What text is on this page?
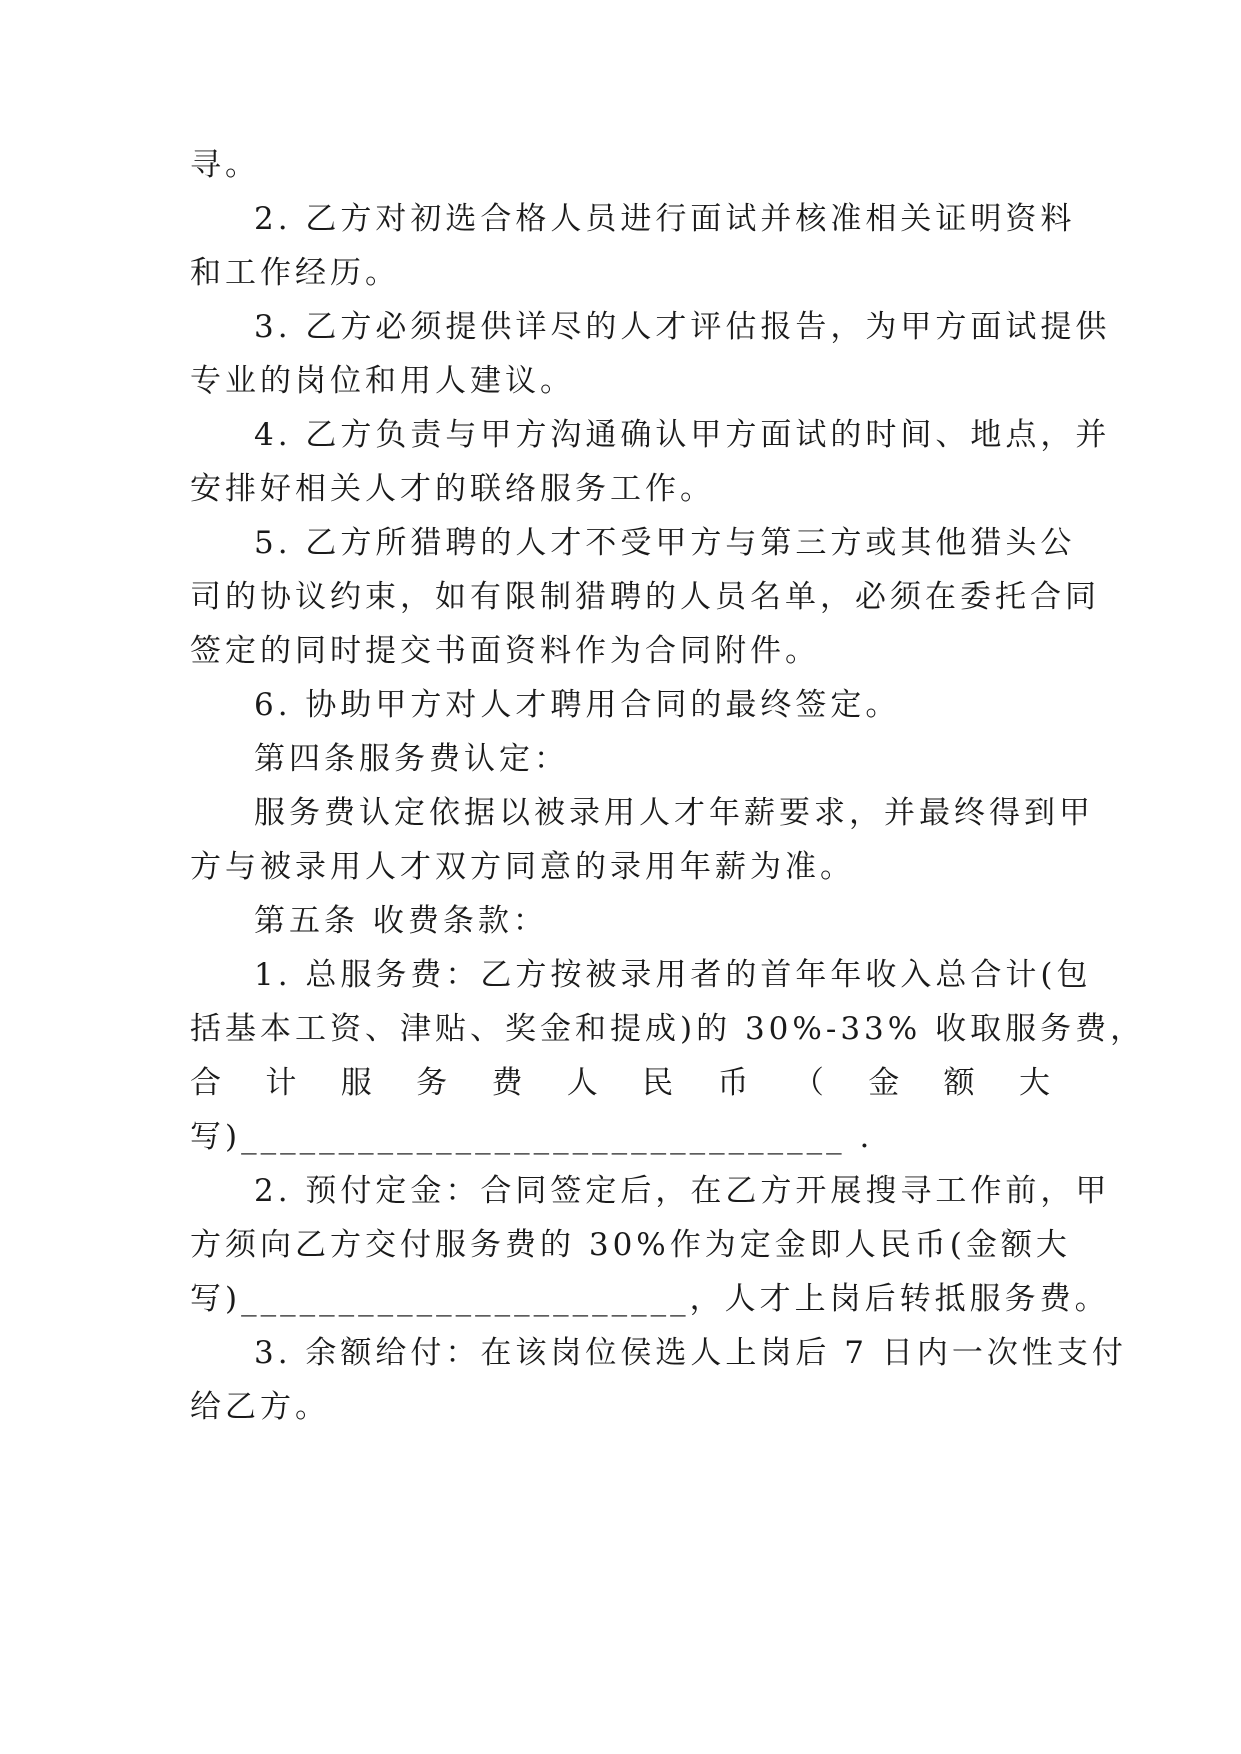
寻。
2. 乙方对初选合格人员进行面试并核准相关证明资料
和工作经历。
3. 乙方必须提供详尽的人才评估报告，为甲方面试提供
专业的岗位和用人建议。
4. 乙方负责与甲方沟通确认甲方面试的时间、地点，并
安排好相关人才的联络服务工作。
5. 乙方所猎聘的人才不受甲方与第三方或其他猎头公
司的协议约束，如有限制猎聘的人员名单，必须在委托合同
签定的同时提交书面资料作为合同附件。
6. 协助甲方对人才聘用合同的最终签定。
第四条服务费认定：
服务费认定依据以被录用人才年薪要求，并最终得到甲
方与被录用人才双方同意的录用年薪为准。
第五条 收费条款：
1. 总服务费：乙方按被录用者的首年年收入总合计(包
括基本工资、津贴、奖金和提成)的 30%-33% 收取服务费，
合 计 服 务 费 人 民 币 （ 金 额 大
写)_______________________________ .
2. 预付定金：合同签定后，在乙方开展搜寻工作前，甲
方须向乙方交付服务费的 30%作为定金即人民币(金额大
写)_______________________，人才上岗后转抵服务费。
3. 余额给付：在该岗位侯选人上岗后 7 日内一次性支付
给乙方。
